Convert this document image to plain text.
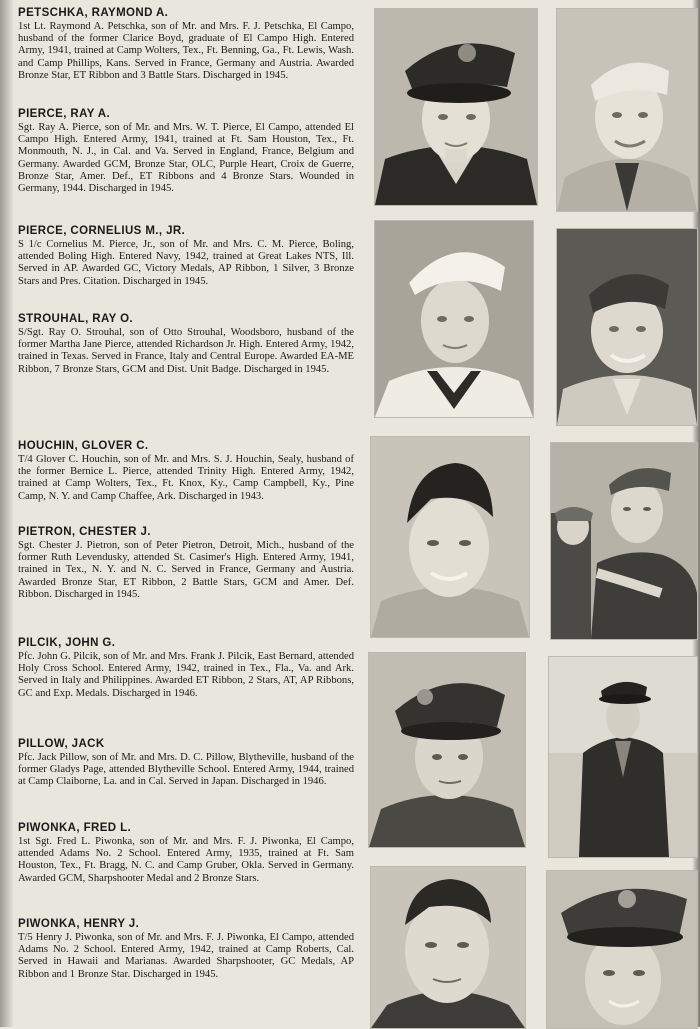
PETSCHKA, RAYMOND A.

1st Lt. Raymond A. Petschka, son of Mr. and Mrs. F. J. Petschka, El Campo, husband of the former Clarice Boyd, graduate of El Campo High. Entered Army, 1941, trained at Camp Wolters, Tex., Ft. Benning, Ga., Ft. Lewis, Wash. and Camp Phillips, Kans. Served in France, Germany and Austria. Awarded Bronze Star, ET Ribbon and 3 Battle Stars. Discharged in 1945.

PIERCE, RAY A.

Sgt. Ray A. Pierce, son of Mr. and Mrs. W. T. Pierce, El Campo, attended El Campo High. Entered Army, 1941, trained at Ft. Sam Houston, Tex., Ft. Monmouth, N. J., in Cal. and Va. Served in England, France, Belgium and Germany. Awarded GCM, Bronze Star, OLC, Purple Heart, Croix de Guerre, Bronze Star, Amer. Def., ET Ribbons and 4 Bronze Stars. Wounded in Germany, 1944. Discharged in 1945.

PIERCE, CORNELIUS M., JR.

S 1/c Cornelius M. Pierce, Jr., son of Mr. and Mrs. C. M. Pierce, Boling, attended Boling High. Entered Navy, 1942, trained at Great Lakes NTS, Ill. Served in AP. Awarded GC, Victory Medals, AP Ribbon, 1 Silver, 3 Bronze Stars and Pres. Citation. Discharged in 1945.

STROUHAL, RAY O.

S/Sgt. Ray O. Strouhal, son of Otto Strouhal, Woodsboro, husband of the former Martha Jane Pierce, attended Richardson Jr. High. Entered Army, 1942, trained in Texas. Served in France, Italy and Central Europe. Awarded EA-ME Ribbon, 7 Bronze Stars, GCM and Dist. Unit Badge. Discharged in 1945.

HOUCHIN, GLOVER C.

T/4 Glover C. Houchin, son of Mr. and Mrs. S. J. Houchin, Sealy, husband of the former Bernice L. Pierce, attended Trinity High. Entered Army, 1942, trained at Camp Wolters, Tex., Ft. Knox, Ky., Camp Campbell, Ky., Pine Camp, N. Y. and Camp Chaffee, Ark. Discharged in 1943.

PIETRON, CHESTER J.

Sgt. Chester J. Pietron, son of Peter Pietron, Detroit, Mich., husband of the former Ruth Levendusky, attended St. Casimer's High. Entered Army, 1941, trained in Tex., N. Y. and N. C. Served in France, Germany and Austria. Awarded Bronze Star, ET Ribbon, 2 Battle Stars, GCM and Amer. Def. Ribbon. Discharged in 1945.

PILCIK, JOHN G.

Pfc. John G. Pilcik, son of Mr. and Mrs. Frank J. Pilcik, East Bernard, attended Holy Cross School. Entered Army, 1942, trained in Tex., Fla., Va. and Ark. Served in Italy and Philippines. Awarded ET Ribbon, 2 Stars, AT, AP Ribbons, GC and Exp. Medals. Discharged in 1946.

PILLOW, JACK

Pfc. Jack Pillow, son of Mr. and Mrs. D. C. Pillow, Blytheville, husband of the former Gladys Page, attended Blytheville School. Entered Army, 1944, trained at Camp Claiborne, La. and in Cal. Served in Japan. Discharged in 1946.

PIWONKA, FRED L.

1st Sgt. Fred L. Piwonka, son of Mr. and Mrs. F. J. Piwonka, El Campo, attended Adams No. 2 School. Entered Army, 1935, trained at Ft. Sam Houston, Tex., Ft. Bragg, N. C. and Camp Gruber, Okla. Served in Germany. Awarded GCM, Sharpshooter Medal and 2 Bronze Stars.

PIWONKA, HENRY J.

T/5 Henry J. Piwonka, son of Mr. and Mrs. F. J. Piwonka, El Campo, attended Adams No. 2 School. Entered Army, 1942, trained at Camp Roberts, Cal. Served in Hawaii and Marianas. Awarded Sharpshooter, GC Medals, AP Ribbon and 1 Bronze Star. Discharged in 1945.
